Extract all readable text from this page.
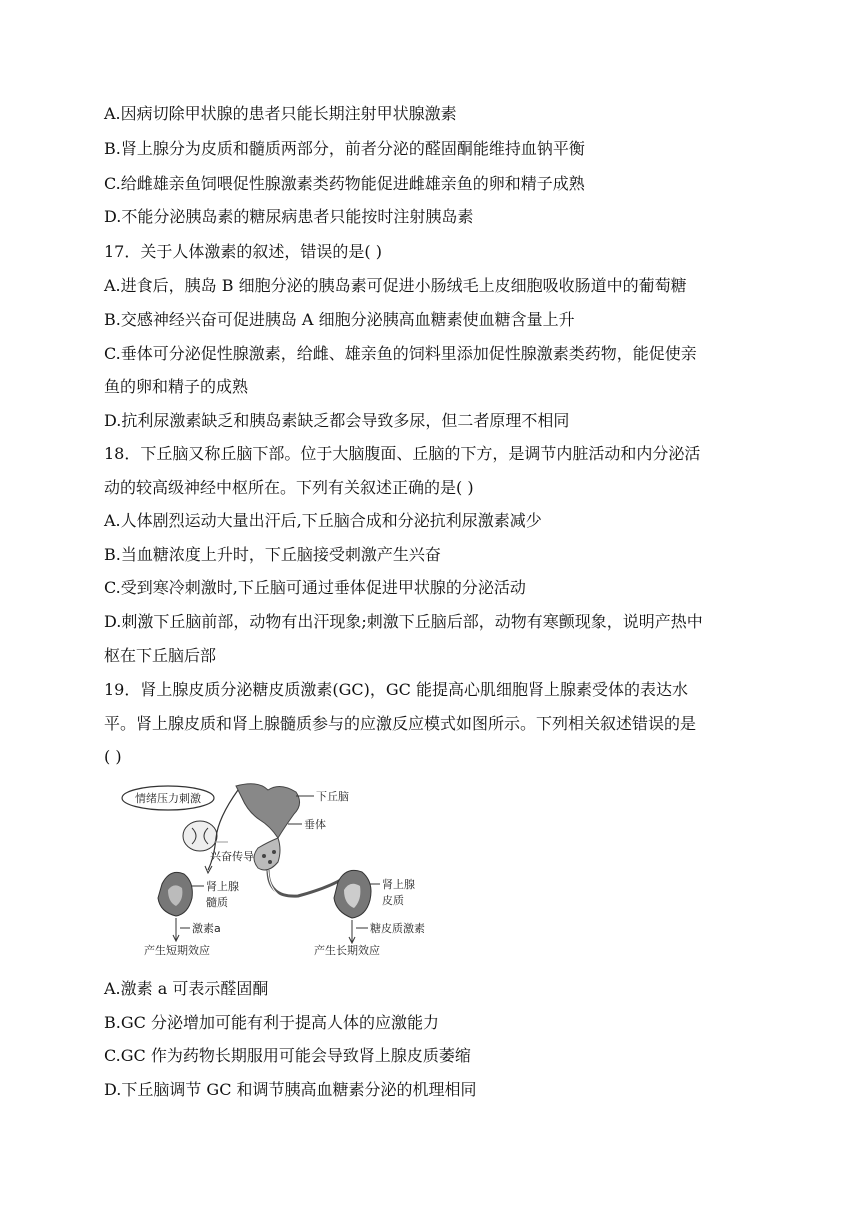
A.因病切除甲状腺的患者只能长期注射甲状腺激素
B.肾上腺分为皮质和髓质两部分，前者分泌的醛固酮能维持血钠平衡
C.给雌雄亲鱼饲喂促性腺激素类药物能促进雌雄亲鱼的卵和精子成熟
D.不能分泌胰岛素的糖尿病患者只能按时注射胰岛素
17．关于人体激素的叙述，错误的是( )
A.进食后，胰岛 B 细胞分泌的胰岛素可促进小肠绒毛上皮细胞吸收肠道中的葡萄糖
B.交感神经兴奋可促进胰岛 A 细胞分泌胰高血糖素使血糖含量上升
C.垂体可分泌促性腺激素，给雌、雄亲鱼的饲料里添加促性腺激素类药物，能促使亲
鱼的卵和精子的成熟
D.抗利尿激素缺乏和胰岛素缺乏都会导致多尿，但二者原理不相同
18．下丘脑又称丘脑下部。位于大脑腹面、丘脑的下方，是调节内脏活动和内分泌活
动的较高级神经中枢所在。下列有关叙述正确的是( )
A.人体剧烈运动大量出汗后,下丘脑合成和分泌抗利尿激素减少
B.当血糖浓度上升时，下丘脑接受刺激产生兴奋
C.受到寒冷刺激时,下丘脑可通过垂体促进甲状腺的分泌活动
D.刺激下丘脑前部，动物有出汗现象;刺激下丘脑后部，动物有寒颤现象，说明产热中
枢在下丘脑后部
19．肾上腺皮质分泌糖皮质激素(GC)，GC 能提高心肌细胞肾上腺素受体的表达水
平。肾上腺皮质和肾上腺髓质参与的应激反应模式如图所示。下列相关叙述错误的是
( )
情绪压力刺激	下丘脑
垂体
兴奋传导
肾上腺
髓质
肾上腺
皮质
激素a
产生短期效应
糖皮质激素
产生长期效应
A.激素 a 可表示醛固酮
B.GC 分泌增加可能有利于提高人体的应激能力
C.GC 作为药物长期服用可能会导致肾上腺皮质萎缩
D.下丘脑调节 GC 和调节胰高血糖素分泌的机理相同
